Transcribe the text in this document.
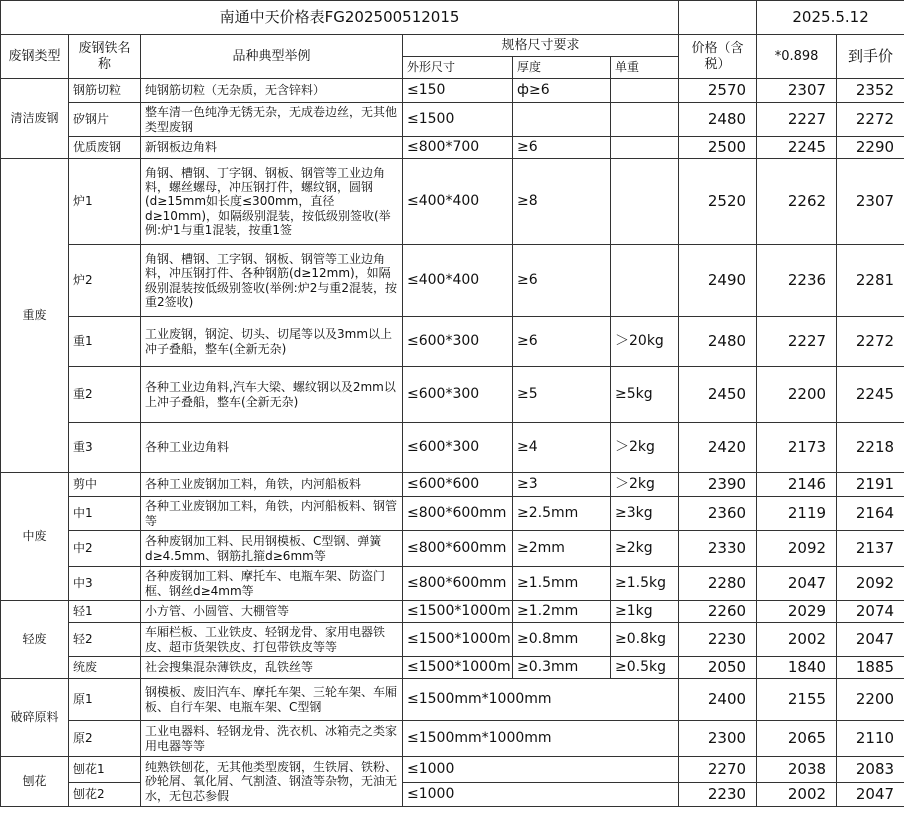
南通中天价格表FG202500512015							2025.5.12	
废钢类型	废钢铁名称	品种典型举例	规格尺寸要求			价格（含税）	*0.898	到手价
			外形尺寸	厚度	单重			
清洁废钢	钢筋切粒	纯钢筋切粒（无杂质，无含锌料）	≤150	ф≥6		2570	2307	2352
	矽钢片	整车清一色纯净无锈无杂，无成卷边丝，无其他类型废钢	≤1500			2480	2227	2272
	优质废钢	新钢板边角料	≤800*700	≥6		2500	2245	2290
重废	炉1	角钢、槽钢、丁字钢、钢板、钢管等工业边角料，螺丝螺母，冲压钢打件，螺纹钢，圆钢(d≥15mm如长度≤300mm，直径d≥10mm)，如隔级别混装，按低级别签收(举例:炉1与重1混装，按重1签	≤400*400	≥8		2520	2262	2307
	炉2	角钢、槽钢、工字钢、钢板、钢管等工业边角料，冲压钢打件、各种钢筋(d≥12mm)，如隔级别混装按低级别签收(举例:炉2与重2混装，按重2签收)	≤400*400	≥6		2490	2236	2281
	重1	工业废钢，钢淀、切头、切尾等以及3mm以上冲子叠船，整车(全新无杂)	≤600*300	≥6	＞20kg	2480	2227	2272
	重2	各种工业边角料,汽车大梁、螺纹钢以及2mm以上冲子叠船，整车(全新无杂)	≤600*300	≥5	≥5kg	2450	2200	2245
	重3	各种工业边角料	≤600*300	≥4	＞2kg	2420	2173	2218
中废	剪中	各种工业废钢加工料，角铁，内河船板料	≤600*600	≥3	＞2kg	2390	2146	2191
	中1	各种工业废钢加工料，角铁，内河船板料、钢管等	≤800*600mm	≥2.5mm	≥3kg	2360	2119	2164
	中2	各种废钢加工料、民用钢模板、C型钢、弹簧d≥4.5mm、钢筋扎箍d≥6mm等	≤800*600mm	≥2mm	≥2kg	2330	2092	2137
	中3	各种废钢加工料、摩托车、电瓶车架、防盗门框、钢丝d≥4mm等	≤800*600mm	≥1.5mm	≥1.5kg	2280	2047	2092
轻废	轻1	小方管、小圆管、大棚管等	≤1500*1000m	≥1.2mm	≥1kg	2260	2029	2074
	轻2	车厢栏板、工业铁皮、轻钢龙骨、家用电器铁皮、超市货架铁皮、打包带铁皮等等	≤1500*1000m	≥0.8mm	≥0.8kg	2230	2002	2047
	统废	社会搜集混杂薄铁皮，乱铁丝等	≤1500*1000m	≥0.3mm	≥0.5kg	2050	1840	1885
破碎原料	原1	钢模板、废旧汽车、摩托车架、三轮车架、车厢板、自行车架、电瓶车架、C型钢	≤1500mm*1000mm			2400	2155	2200
	原2	工业电器料、轻钢龙骨、洗衣机、冰箱壳之类家用电器等等	≤1500mm*1000mm			2300	2065	2110
刨花	刨花1	纯熟铁刨花，无其他类型废钢，生铁屑、铁粉、砂轮屑、氧化屑、气割渣、钢渣等杂物，无油无水，无包芯参假	≤1000			2270	2038	2083
	刨花2		≤1000			2230	2002	2047
